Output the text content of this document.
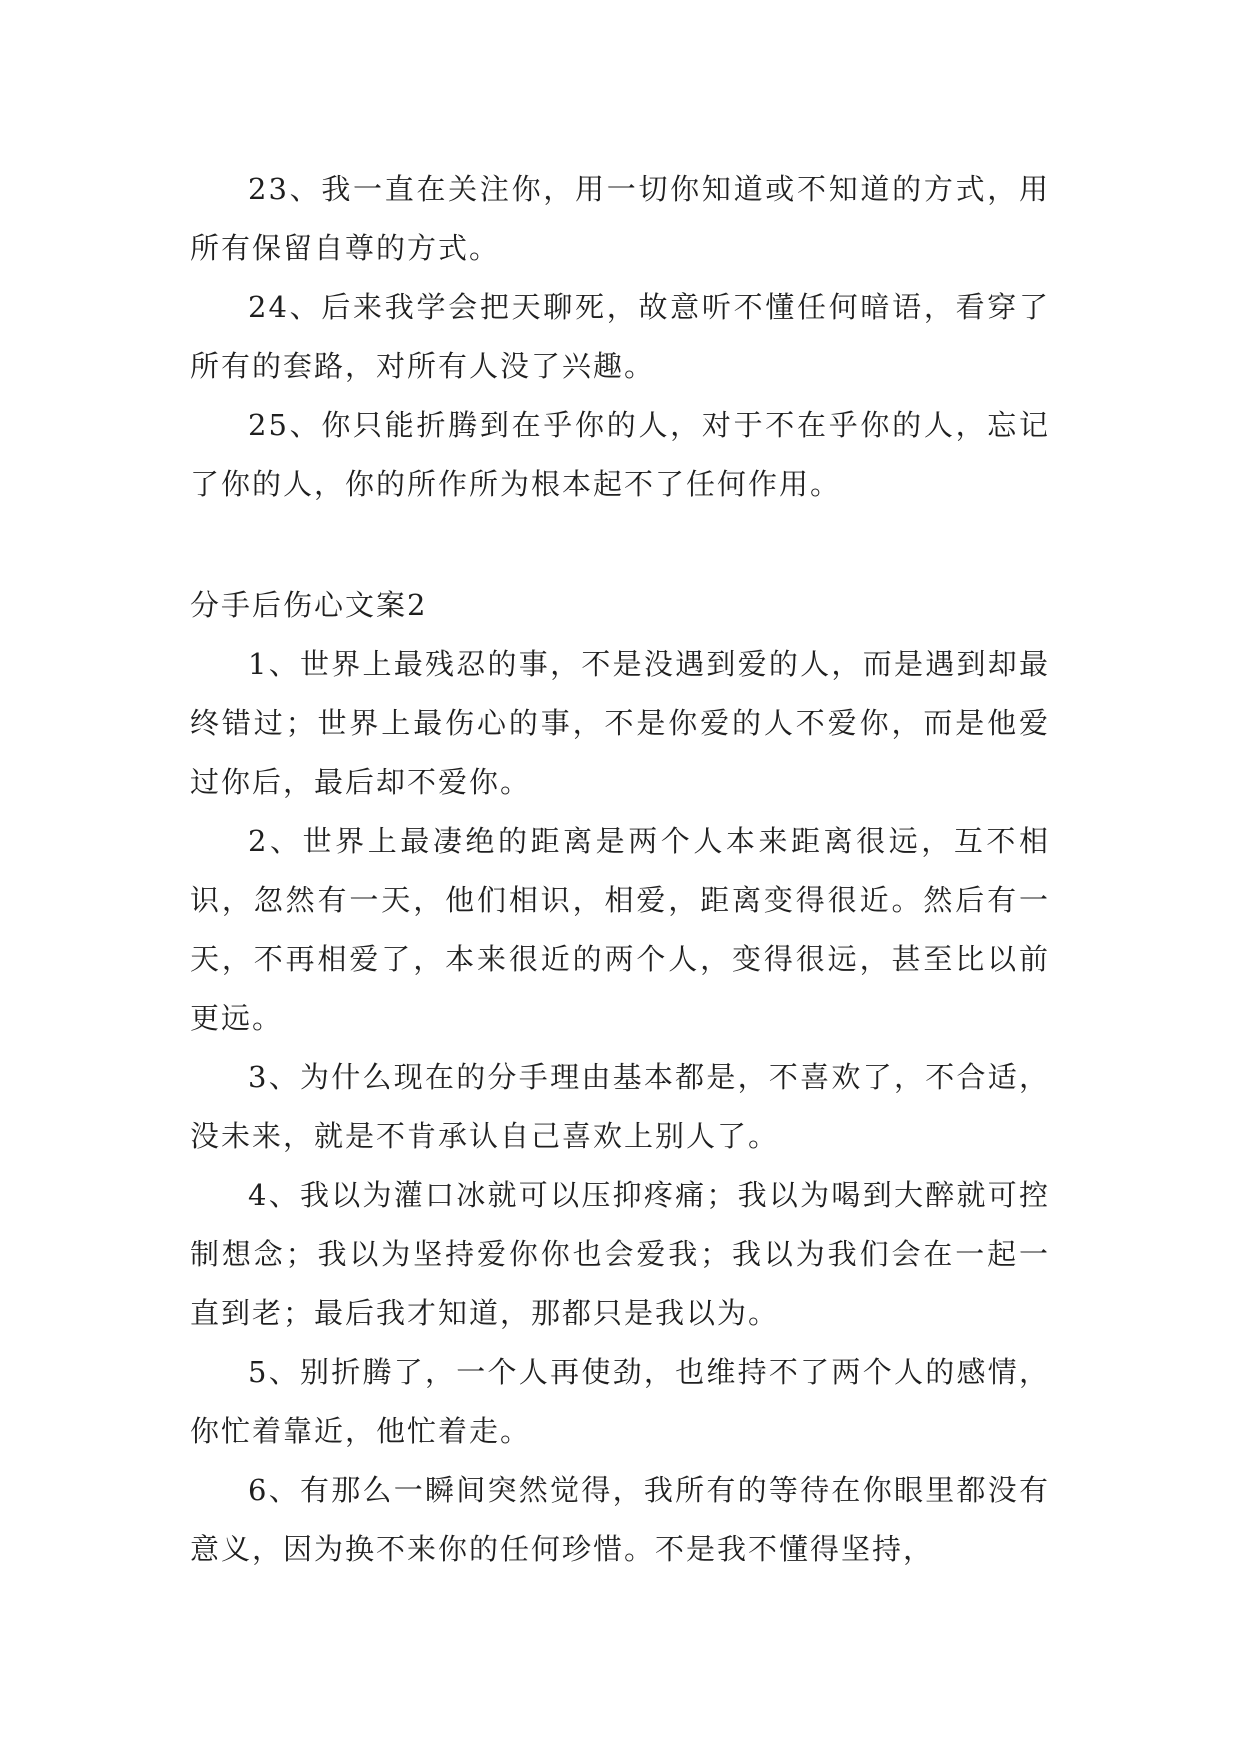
23、我一直在关注你，用一切你知道或不知道的方式，用所有保留自尊的方式。

24、后来我学会把天聊死，故意听不懂任何暗语，看穿了所有的套路，对所有人没了兴趣。

25、你只能折腾到在乎你的人，对于不在乎你的人，忘记了你的人，你的所作所为根本起不了任何作用。

分手后伤心文案2

1、世界上最残忍的事，不是没遇到爱的人，而是遇到却最终错过；世界上最伤心的事，不是你爱的人不爱你，而是他爱过你后，最后却不爱你。

2、世界上最凄绝的距离是两个人本来距离很远，互不相识，忽然有一天，他们相识，相爱，距离变得很近。然后有一天，不再相爱了，本来很近的两个人，变得很远，甚至比以前更远。

3、为什么现在的分手理由基本都是，不喜欢了，不合适，没未来，就是不肯承认自己喜欢上别人了。

4、我以为灌口冰就可以压抑疼痛；我以为喝到大醉就可控制想念；我以为坚持爱你你也会爱我；我以为我们会在一起一直到老；最后我才知道，那都只是我以为。

5、别折腾了，一个人再使劲，也维持不了两个人的感情，你忙着靠近，他忙着走。

6、有那么一瞬间突然觉得，我所有的等待在你眼里都没有意义，因为换不来你的任何珍惜。不是我不懂得坚持，
